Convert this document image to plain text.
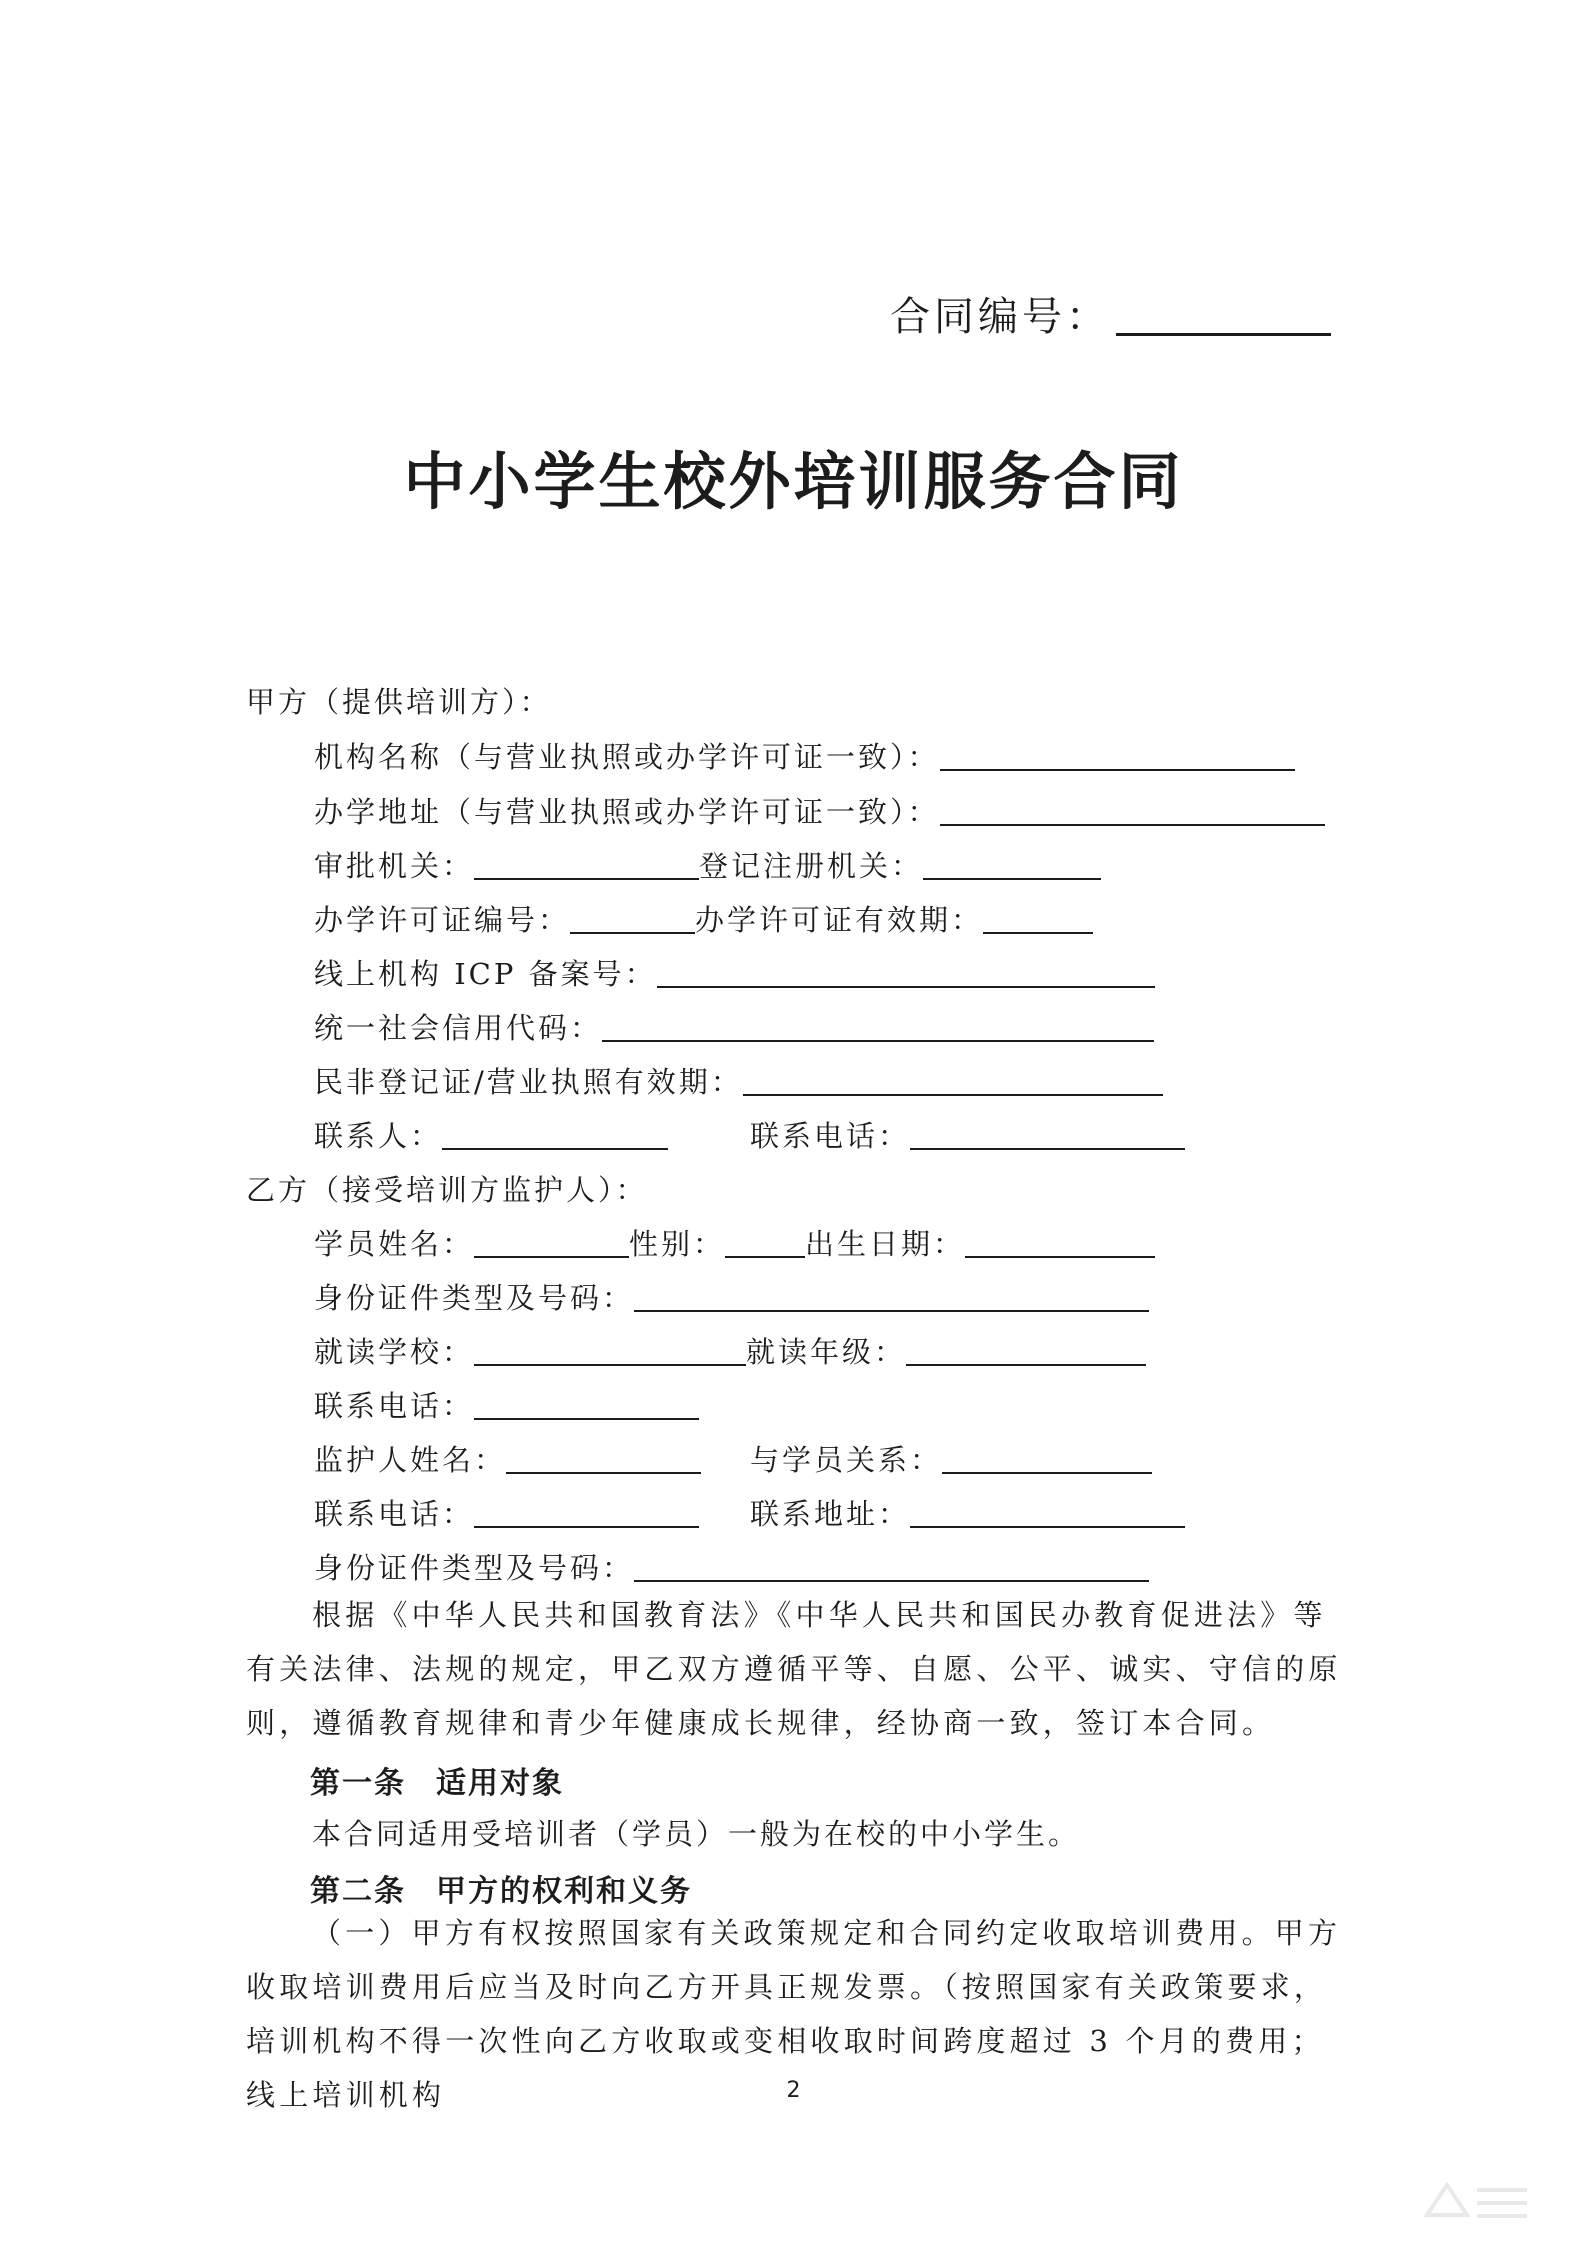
合同编号：
中小学生校外培训服务合同
甲方（提供培训方）：
机构名称（与营业执照或办学许可证一致）：
办学地址（与营业执照或办学许可证一致）：
审批机关：	登记注册机关：
办学许可证编号：	办学许可证有效期：
线上机构 ICP 备案号：
统一社会信用代码：
民非登记证/营业执照有效期：
联系人：	联系电话：
乙方（接受培训方监护人）：
学员姓名：	性别：	出生日期：
身份证件类型及号码：
就读学校：	就读年级：
联系电话：
监护人姓名：	与学员关系：
联系电话：	联系地址：
身份证件类型及号码：
根据《中华人民共和国教育法》《中华人民共和国民办教育促进法》等有关法律、法规的规定，甲乙双方遵循平等、自愿、公平、诚实、守信的原则，遵循教育规律和青少年健康成长规律，经协商一致，签订本合同。
第一条 适用对象
本合同适用受培训者（学员）一般为在校的中小学生。
第二条 甲方的权利和义务
（一）甲方有权按照国家有关政策规定和合同约定收取培训费用。甲方收取培训费用后应当及时向乙方开具正规发票。（按照国家有关政策要求，培训机构不得一次性向乙方收取或变相收取时间跨度超过 3 个月的费用；线上培训机构	2
